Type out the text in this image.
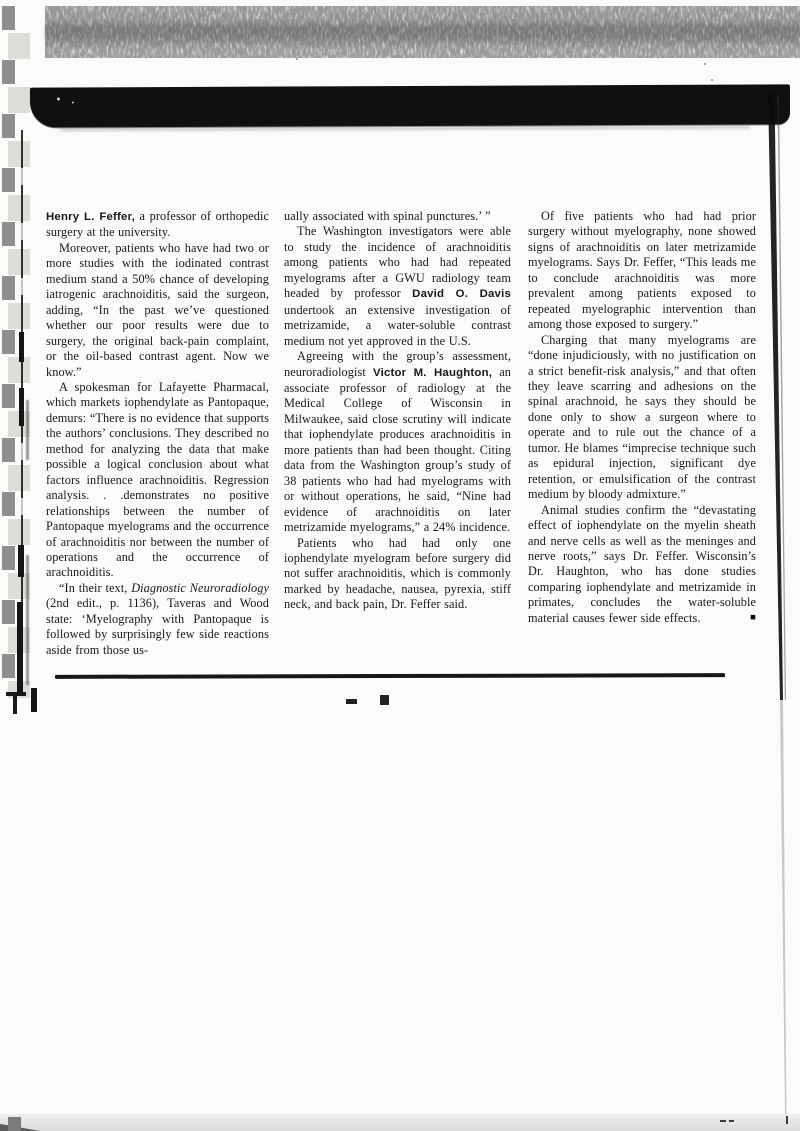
Henry L. Feffer, a professor of orthopedic surgery at the university.

Moreover, patients who have had two or more studies with the iodinated contrast medium stand a 50% chance of developing iatrogenic arachnoiditis, said the surgeon, adding, “In the past we’ve questioned whether our poor results were due to surgery, the original back-pain complaint, or the oil-based contrast agent. Now we know.”

A spokesman for Lafayette Pharmacal, which markets iophendylate as Pantopaque, demurs: “There is no evidence that supports the authors’ conclusions. They described no method for analyzing the data that make possible a logical conclusion about what factors influence arachnoiditis. Regression analysis. . .demonstrates no positive relationships between the number of Pantopaque myelograms and the occurrence of arachnoiditis nor between the number of operations and the occurrence of arachnoiditis.

“In their text, Diagnostic Neuroradiology (2nd edit., p. 1136), Taveras and Wood state: ‘Myelography with Pantopaque is followed by surprisingly few side reactions aside from those us-

ually associated with spinal punctures.’ ”

The Washington investigators were able to study the incidence of arachnoiditis among patients who had had repeated myelograms after a GWU radiology team headed by professor David O. Davis undertook an extensive investigation of metrizamide, a water-soluble contrast medium not yet approved in the U.S.

Agreeing with the group’s assessment, neuroradiologist Victor M. Haughton, an associate professor of radiology at the Medical College of Wisconsin in Milwaukee, said close scrutiny will indicate that iophendylate produces arachnoiditis in more patients than had been thought. Citing data from the Washington group’s study of 38 patients who had had myelograms with or without operations, he said, “Nine had evidence of arachnoiditis on later metrizamide myelograms,” a 24% incidence.

Patients who had had only one iophendylate myelogram before surgery did not suffer arachnoiditis, which is commonly marked by headache, nausea, pyrexia, stiff neck, and back pain, Dr. Feffer said.

Of five patients who had had prior surgery without myelography, none showed signs of arachnoiditis on later metrizamide myelograms. Says Dr. Feffer, “This leads me to conclude arachnoiditis was more prevalent among patients exposed to repeated myelographic intervention than among those exposed to surgery.”

Charging that many myelograms are “done injudiciously, with no justification on a strict benefit-risk analysis,” and that often they leave scarring and adhesions on the spinal arachnoid, he says they should be done only to show a surgeon where to operate and to rule out the chance of a tumor. He blames “imprecise technique such as epidural injection, significant dye retention, or emulsification of the contrast medium by bloody admixture.”

Animal studies confirm the “devastating effect of iophendylate on the myelin sheath and nerve cells as well as the meninges and nerve roots,” says Dr. Feffer. Wisconsin’s Dr. Haughton, who has done studies comparing iophendylate and metrizamide in primates, concludes the water-soluble material causes fewer side effects.	■
